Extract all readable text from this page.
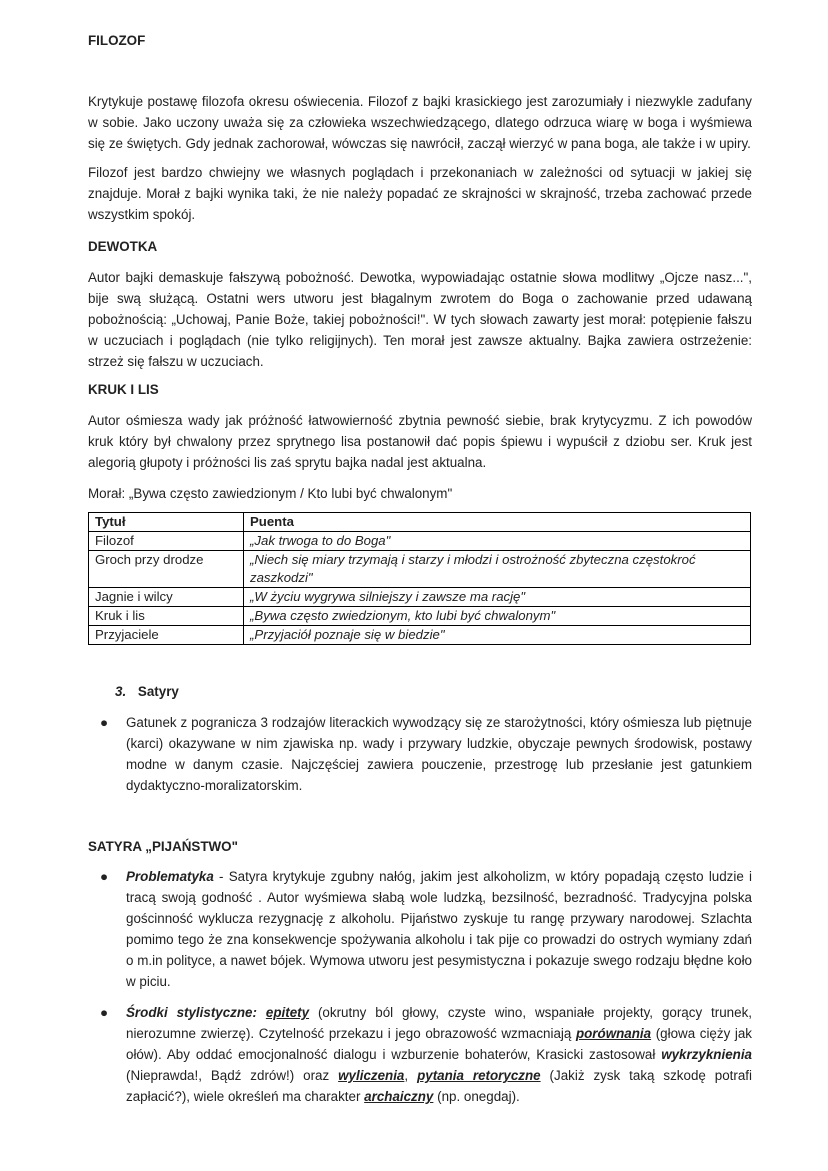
FILOZOF

Krytykuje postawę filozofa okresu oświecenia. Filozof z bajki krasickiego jest zarozumiały i niezwykle zadufany w sobie. Jako uczony uważa się za człowieka wszechwiedzącego, dlatego odrzuca wiarę w boga i wyśmiewa się ze świętych. Gdy jednak zachorował, wówczas się nawrócił, zaczął wierzyć w pana boga, ale także i w upiry.

Filozof jest bardzo chwiejny we własnych poglądach i przekonaniach w zależności od sytuacji w jakiej się znajduje. Morał z bajki wynika taki, że nie należy popadać ze skrajności w skrajność, trzeba zachować przede wszystkim spokój.

DEWOTKA

Autor bajki demaskuje fałszywą pobożność. Dewotka, wypowiadając ostatnie słowa modlitwy „Ojcze nasz...", bije swą służącą. Ostatni wers utworu jest błagalnym zwrotem do Boga o zachowanie przed udawaną pobożnością: „Uchowaj, Panie Boże, takiej pobożności!". W tych słowach zawarty jest morał: potępienie fałszu w uczuciach i poglądach (nie tylko religijnych). Ten morał jest zawsze aktualny. Bajka zawiera ostrzeżenie: strzeż się fałszu w uczuciach.

KRUK I LIS

Autor ośmiesza wady jak próżność łatwowierność zbytnia pewność siebie, brak krytycyzmu. Z ich powodów kruk który był chwalony przez sprytnego lisa postanowił dać popis śpiewu i wypuścił z dziobu ser. Kruk jest alegorią głupoty i próżności lis zaś sprytu bajka nadal jest aktualna.

Morał: „Bywa często zawiedzionym / Kto lubi być chwalonym"

Tytuł	Puenta
Filozof	„Jak trwoga to do Boga"
Groch przy drodze	„Niech się miary trzymają i starzy i młodzi i ostrożność zbyteczna częstokroć zaszkodzi"
Jagnie i wilcy	„W życiu wygrywa silniejszy i zawsze ma rację"
Kruk i lis	„Bywa często zwiedzionym, kto lubi być chwalonym"
Przyjaciele	„Przyjaciół poznaje się w biedzie"
3. Satyry
● Gatunek z pogranicza 3 rodzajów literackich wywodzący się ze starożytności, który ośmiesza lub piętnuje (karci) okazywane w nim zjawiska np. wady i przywary ludzkie, obyczaje pewnych środowisk, postawy modne w danym czasie. Najczęściej zawiera pouczenie, przestrogę lub przesłanie jest gatunkiem dydaktyczno-moralizatorskim.
SATYRA „PIJAŃSTWO"
● Problematyka - Satyra krytykuje zgubny nałóg, jakim jest alkoholizm, w który popadają często ludzie i tracą swoją godność . Autor wyśmiewa słabą wole ludzką, bezsilność, bezradność. Tradycyjna polska gościnność wyklucza rezygnację z alkoholu. Pijaństwo zyskuje tu rangę przywary narodowej. Szlachta pomimo tego że zna konsekwencje spożywania alkoholu i tak pije co prowadzi do ostrych wymiany zdań o m.in polityce, a nawet bójek. Wymowa utworu jest pesymistyczna i pokazuje swego rodzaju błędne koło w piciu.
● Środki stylistyczne: epitety (okrutny ból głowy, czyste wino, wspaniałe projekty, gorący trunek, nierozumne zwierzę). Czytelność przekazu i jego obrazowość wzmacniają porównania (głowa cięży jak ołów). Aby oddać emocjonalność dialogu i wzburzenie bohaterów, Krasicki zastosował wykrzyknienia (Nieprawda!, Bądź zdrów!) oraz wyliczenia, pytania retoryczne (Jakiż zysk taką szkodę potrafi zapłacić?), wiele określeń ma charakter archaiczny (np. onegdaj).
